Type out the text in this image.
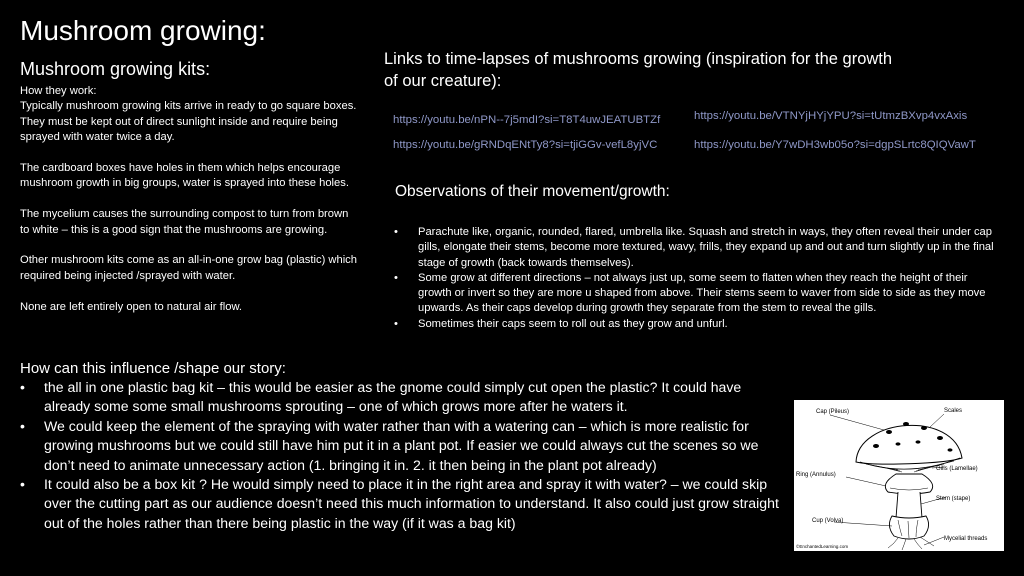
Mushroom growing:
Mushroom growing kits:

How they work:
Typically mushroom growing kits arrive in ready to go square boxes. They must be kept out of direct sunlight inside and require being sprayed with water twice a day.

The cardboard boxes have holes in them which helps encourage mushroom growth in big groups, water is sprayed into these holes.

The mycelium causes the surrounding compost to turn from brown to white – this is a good sign that the mushrooms are growing.

Other mushroom kits come as an all-in-one grow bag (plastic) which required being injected /sprayed with water.

None are left entirely open to natural air flow.

Links to time-lapses of mushrooms growing (inspiration for the growth of our creature):
https://youtu.be/nPN--7j5mdI?si=T8T4uwJEATUBTZf	https://youtu.be/VTNYjHYjYPU?si=tUtmzBXvp4vxAxis
https://youtu.be/gRNDqENtTy8?si=tjiGGv-vefL8yjVC	https://youtu.be/Y7wDH3wb05o?si=dgpSLrtc8QIQVawT
Observations of their movement/growth:
• Parachute like, organic, rounded, flared, umbrella like. Squash and stretch in ways, they often reveal their under cap gills, elongate their stems, become more textured, wavy, frills, they expand up and out and turn slightly up in the final stage of growth (back towards themselves).
• Some grow at different directions – not always just up, some seem to flatten when they reach the height of their growth or invert so they are more u shaped from above. Their stems seem to waver from side to side as they move upwards. As their caps develop during growth they separate from the stem to reveal the gills.
• Sometimes their caps seem to roll out as they grow and unfurl.
How can this influence /shape our story:
• the all in one plastic bag kit – this would be easier as the gnome could simply cut open the plastic? It could have already some some small mushrooms sprouting – one of which grows more after he waters it.
• We could keep the element of the spraying with water rather than with a watering can – which is more realistic for growing mushrooms but we could still have him put it in a plant pot. If easier we could always cut the scenes so we don’t need to animate unnecessary action (1. bringing it in. 2. it then being in the plant pot already)
• It could also be a box kit ? He would simply need to place it in the right area and spray it with water? – we could skip over the cutting part as our audience doesn’t need this much information to understand. It also could just grow straight out of the holes rather than there being plastic in the way (if it was a bag kit)
Cap (Pileus)	Scales
Gills (Lamellae)
Ring (Annulus)
Stem (stape)
Cup (Volva)
Mycelial threads
©EnchantedLearning.com
